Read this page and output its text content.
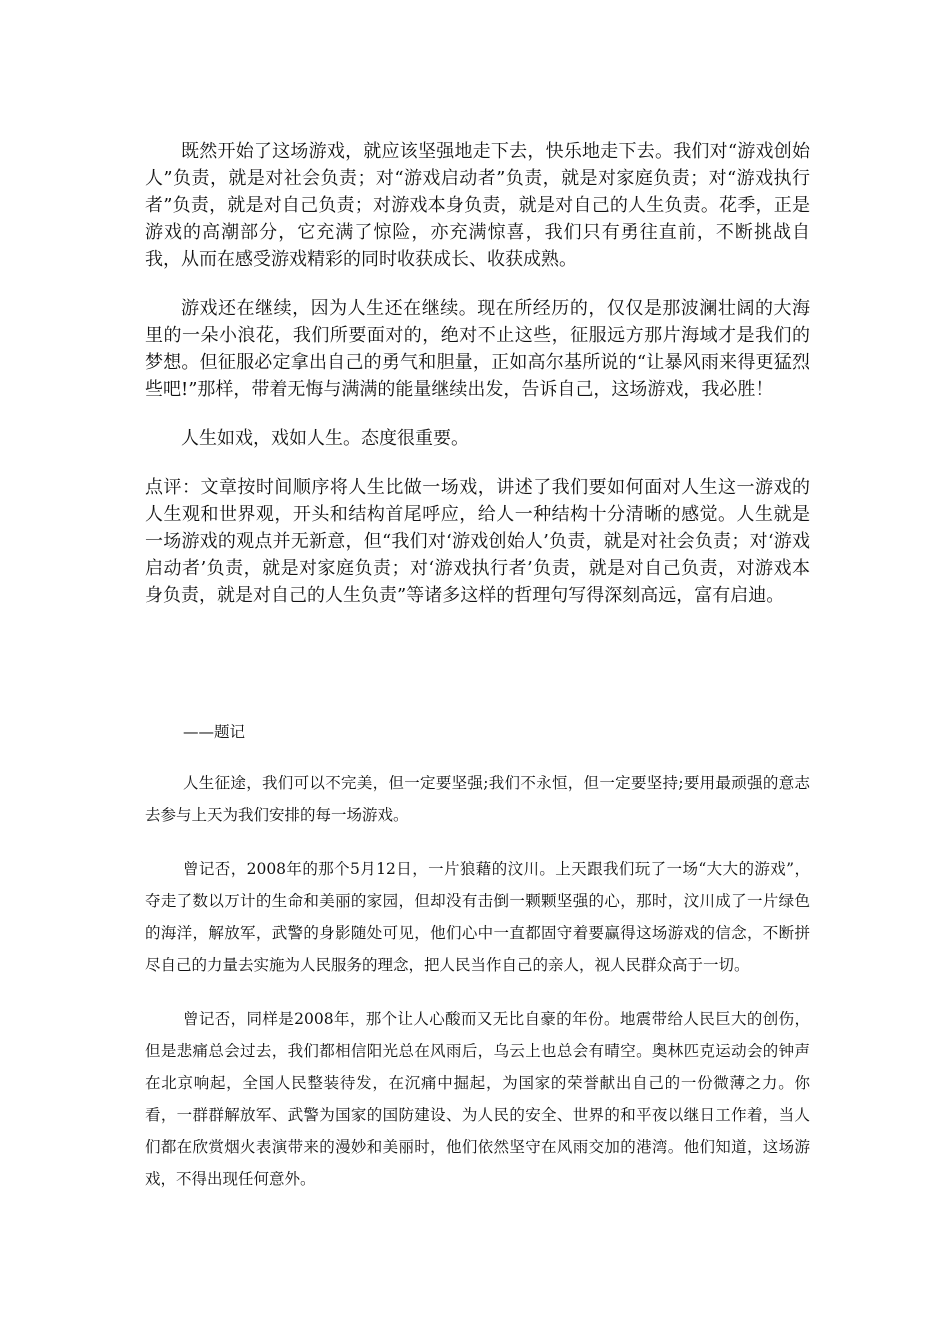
既然开始了这场游戏，就应该坚强地走下去，快乐地走下去。我们对“游戏创始人”负责，就是对社会负责；对“游戏启动者”负责，就是对家庭负责；对“游戏执行者”负责，就是对自己负责；对游戏本身负责，就是对自己的人生负责。花季，正是游戏的高潮部分，它充满了惊险，亦充满惊喜，我们只有勇往直前，不断挑战自我，从而在感受游戏精彩的同时收获成长、收获成熟。

游戏还在继续，因为人生还在继续。现在所经历的，仅仅是那波澜壮阔的大海里的一朵小浪花，我们所要面对的，绝对不止这些，征服远方那片海域才是我们的梦想。但征服必定拿出自己的勇气和胆量，正如高尔基所说的“让暴风雨来得更猛烈些吧!”那样，带着无悔与满满的能量继续出发，告诉自己，这场游戏，我必胜！

人生如戏，戏如人生。态度很重要。

点评：文章按时间顺序将人生比做一场戏，讲述了我们要如何面对人生这一游戏的人生观和世界观，开头和结构首尾呼应，给人一种结构十分清晰的感觉。人生就是一场游戏的观点并无新意，但“我们对‘游戏创始人’负责，就是对社会负责；对‘游戏启动者’负责，就是对家庭负责；对‘游戏执行者’负责，就是对自己负责，对游戏本身负责，就是对自己的人生负责”等诸多这样的哲理句写得深刻高远，富有启迪。

——题记

人生征途，我们可以不完美，但一定要坚强;我们不永恒，但一定要坚持;要用最顽强的意志去参与上天为我们安排的每一场游戏。

曾记否，2008年的那个5月12日，一片狼藉的汶川。上天跟我们玩了一场“大大的游戏”，夺走了数以万计的生命和美丽的家园，但却没有击倒一颗颗坚强的心，那时，汶川成了一片绿色的海洋，解放军，武警的身影随处可见，他们心中一直都固守着要赢得这场游戏的信念，不断拼尽自己的力量去实施为人民服务的理念，把人民当作自己的亲人，视人民群众高于一切。

曾记否，同样是2008年，那个让人心酸而又无比自豪的年份。地震带给人民巨大的创伤，但是悲痛总会过去，我们都相信阳光总在风雨后，乌云上也总会有晴空。奥林匹克运动会的钟声在北京响起，全国人民整装待发，在沉痛中掘起，为国家的荣誉献出自己的一份微薄之力。你看，一群群解放军、武警为国家的国防建设、为人民的安全、世界的和平夜以继日工作着，当人们都在欣赏烟火表演带来的漫妙和美丽时，他们依然坚守在风雨交加的港湾。他们知道，这场游戏，不得出现任何意外。
